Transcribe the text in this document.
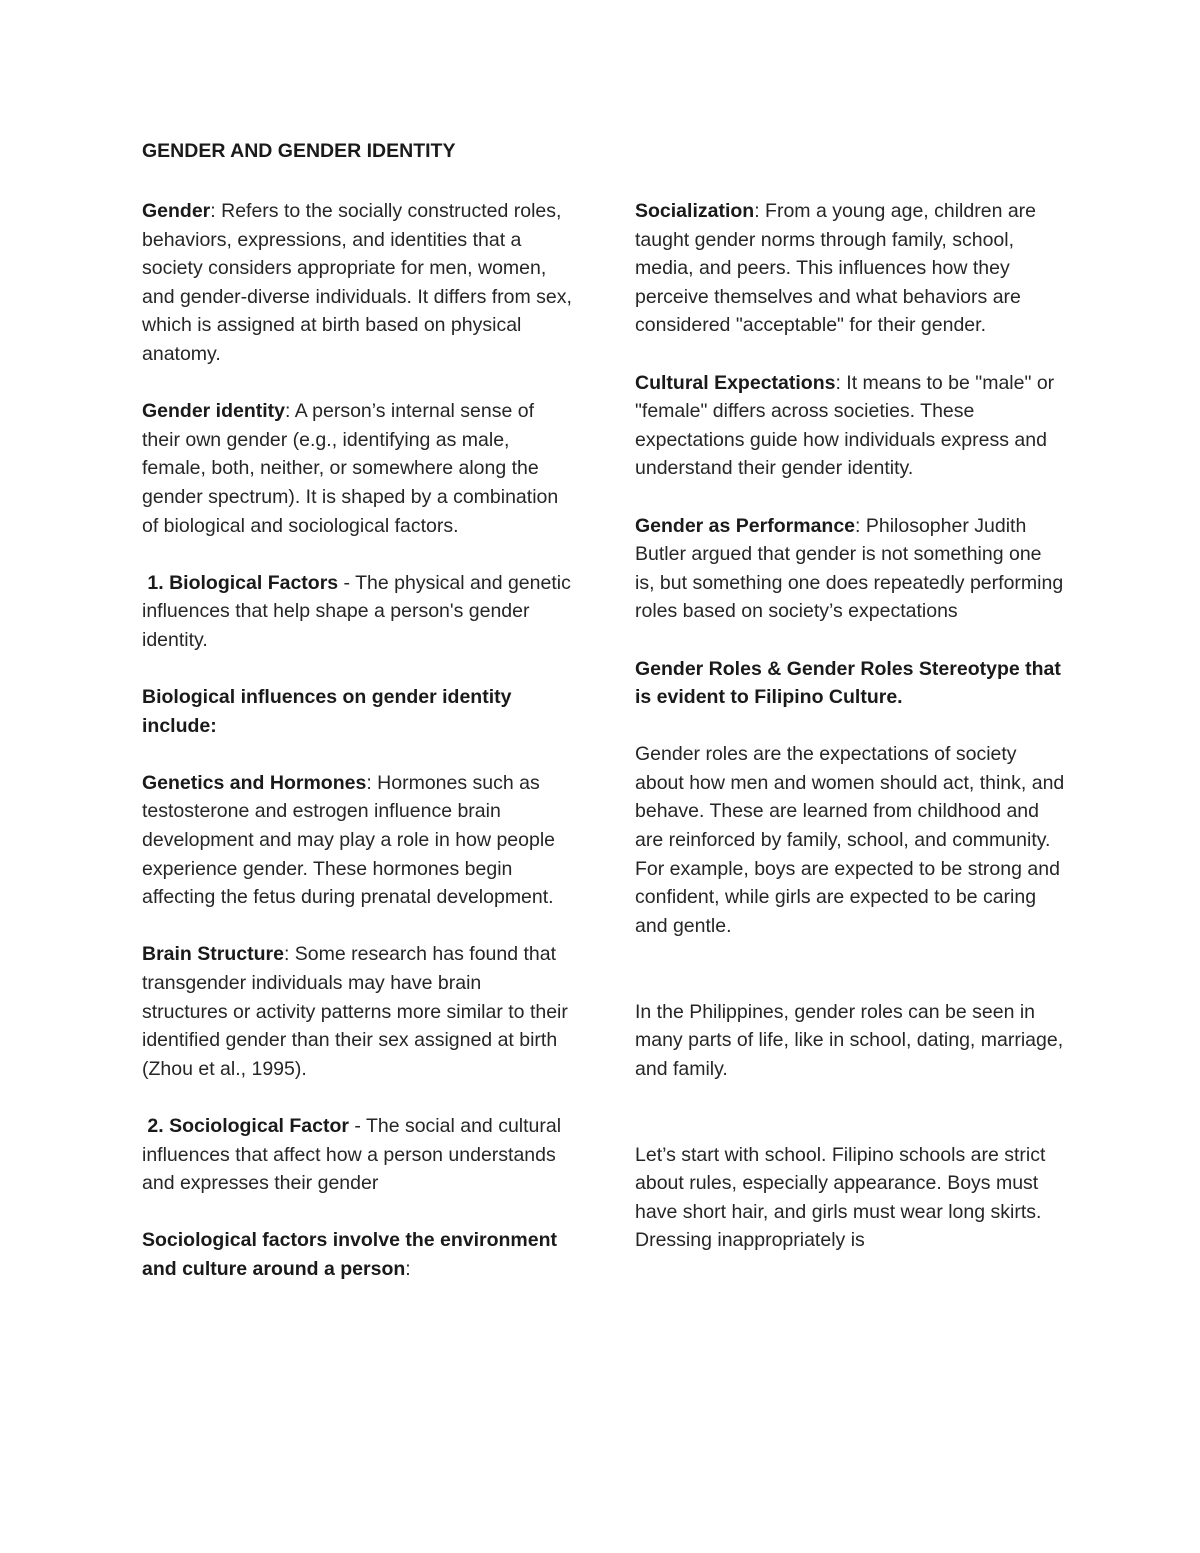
GENDER AND GENDER IDENTITY

Gender: Refers to the socially constructed roles, behaviors, expressions, and identities that a society considers appropriate for men, women, and gender-diverse individuals. It differs from sex, which is assigned at birth based on physical anatomy.

Gender identity: A person’s internal sense of their own gender (e.g., identifying as male, female, both, neither, or somewhere along the gender spectrum). It is shaped by a combination of biological and sociological factors.

1. Biological Factors - The physical and genetic influences that help shape a person's gender identity.

Biological influences on gender identity include:

Genetics and Hormones: Hormones such as testosterone and estrogen influence brain development and may play a role in how people experience gender. These hormones begin affecting the fetus during prenatal development.

Brain Structure: Some research has found that transgender individuals may have brain structures or activity patterns more similar to their identified gender than their sex assigned at birth (Zhou et al., 1995).

2. Sociological Factor - The social and cultural influences that affect how a person understands and expresses their gender

Sociological factors involve the environment and culture around a person:

Socialization: From a young age, children are taught gender norms through family, school, media, and peers. This influences how they perceive themselves and what behaviors are considered "acceptable" for their gender.

Cultural Expectations: It means to be "male" or "female" differs across societies. These expectations guide how individuals express and understand their gender identity.

Gender as Performance: Philosopher Judith Butler argued that gender is not something one is, but something one does repeatedly performing roles based on society’s expectations

Gender Roles & Gender Roles Stereotype that is evident to Filipino Culture.

Gender roles are the expectations of society about how men and women should act, think, and behave. These are learned from childhood and are reinforced by family, school, and community. For example, boys are expected to be strong and confident, while girls are expected to be caring and gentle.

In the Philippines, gender roles can be seen in many parts of life, like in school, dating, marriage, and family.

Let’s start with school. Filipino schools are strict about rules, especially appearance. Boys must have short hair, and girls must wear long skirts. Dressing inappropriately is
